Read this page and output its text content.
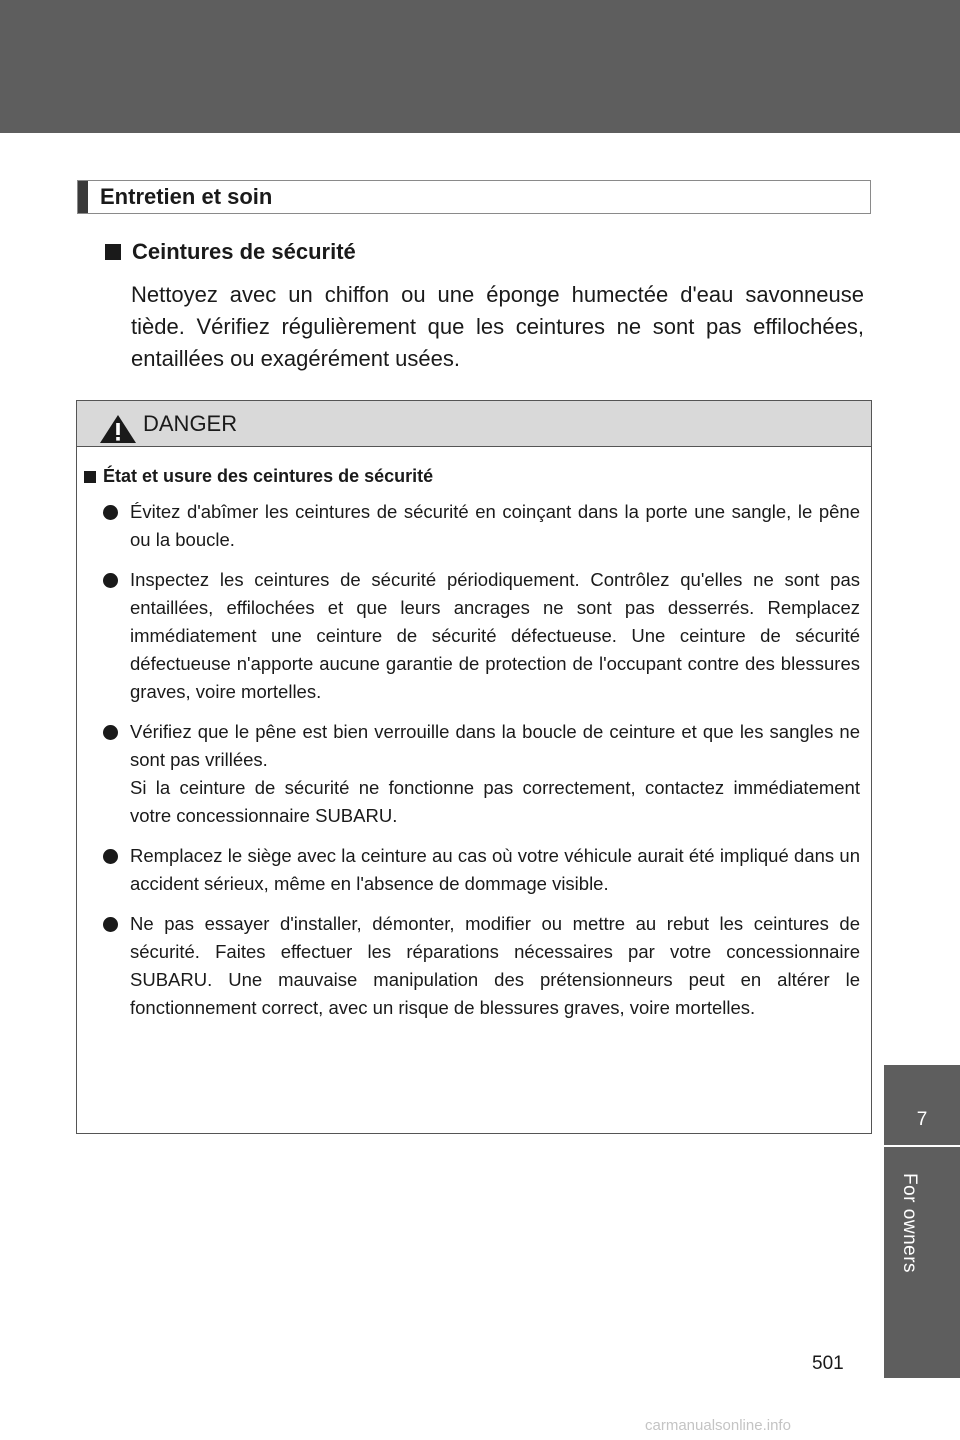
7
For owners
Entretien et soin
Ceintures de sécurité

Nettoyez avec un chiffon ou une éponge humectée d'eau savonneuse tiède. Vérifiez régulièrement que les ceintures ne sont pas effilochées, entaillées ou exagérément usées.

DANGER
État et usure des ceintures de sécurité
Évitez d'abîmer les ceintures de sécurité en coinçant dans la porte une sangle, le pêne ou la boucle.
Inspectez les ceintures de sécurité périodiquement. Contrôlez qu'elles ne sont pas entaillées, effilochées et que leurs ancrages ne sont pas desserrés. Remplacez immédiatement une ceinture de sécurité défectueuse. Une ceinture de sécurité défectueuse n'apporte aucune garantie de protection de l'occupant contre des blessures graves, voire mortelles.
Vérifiez que le pêne est bien verrouille dans la boucle de ceinture et que les sangles ne sont pas vrillées.
Si la ceinture de sécurité ne fonctionne pas correctement, contactez immédiatement votre concessionnaire SUBARU.
Remplacez le siège avec la ceinture au cas où votre véhicule aurait été impliqué dans un accident sérieux, même en l'absence de dommage visible.
Ne pas essayer d'installer, démonter, modifier ou mettre au rebut les ceintures de sécurité. Faites effectuer les réparations nécessaires par votre concessionnaire SUBARU. Une mauvaise manipulation des prétensionneurs peut en altérer le fonctionnement correct, avec un risque de blessures graves, voire mortelles.
501
carmanualsonline.info
